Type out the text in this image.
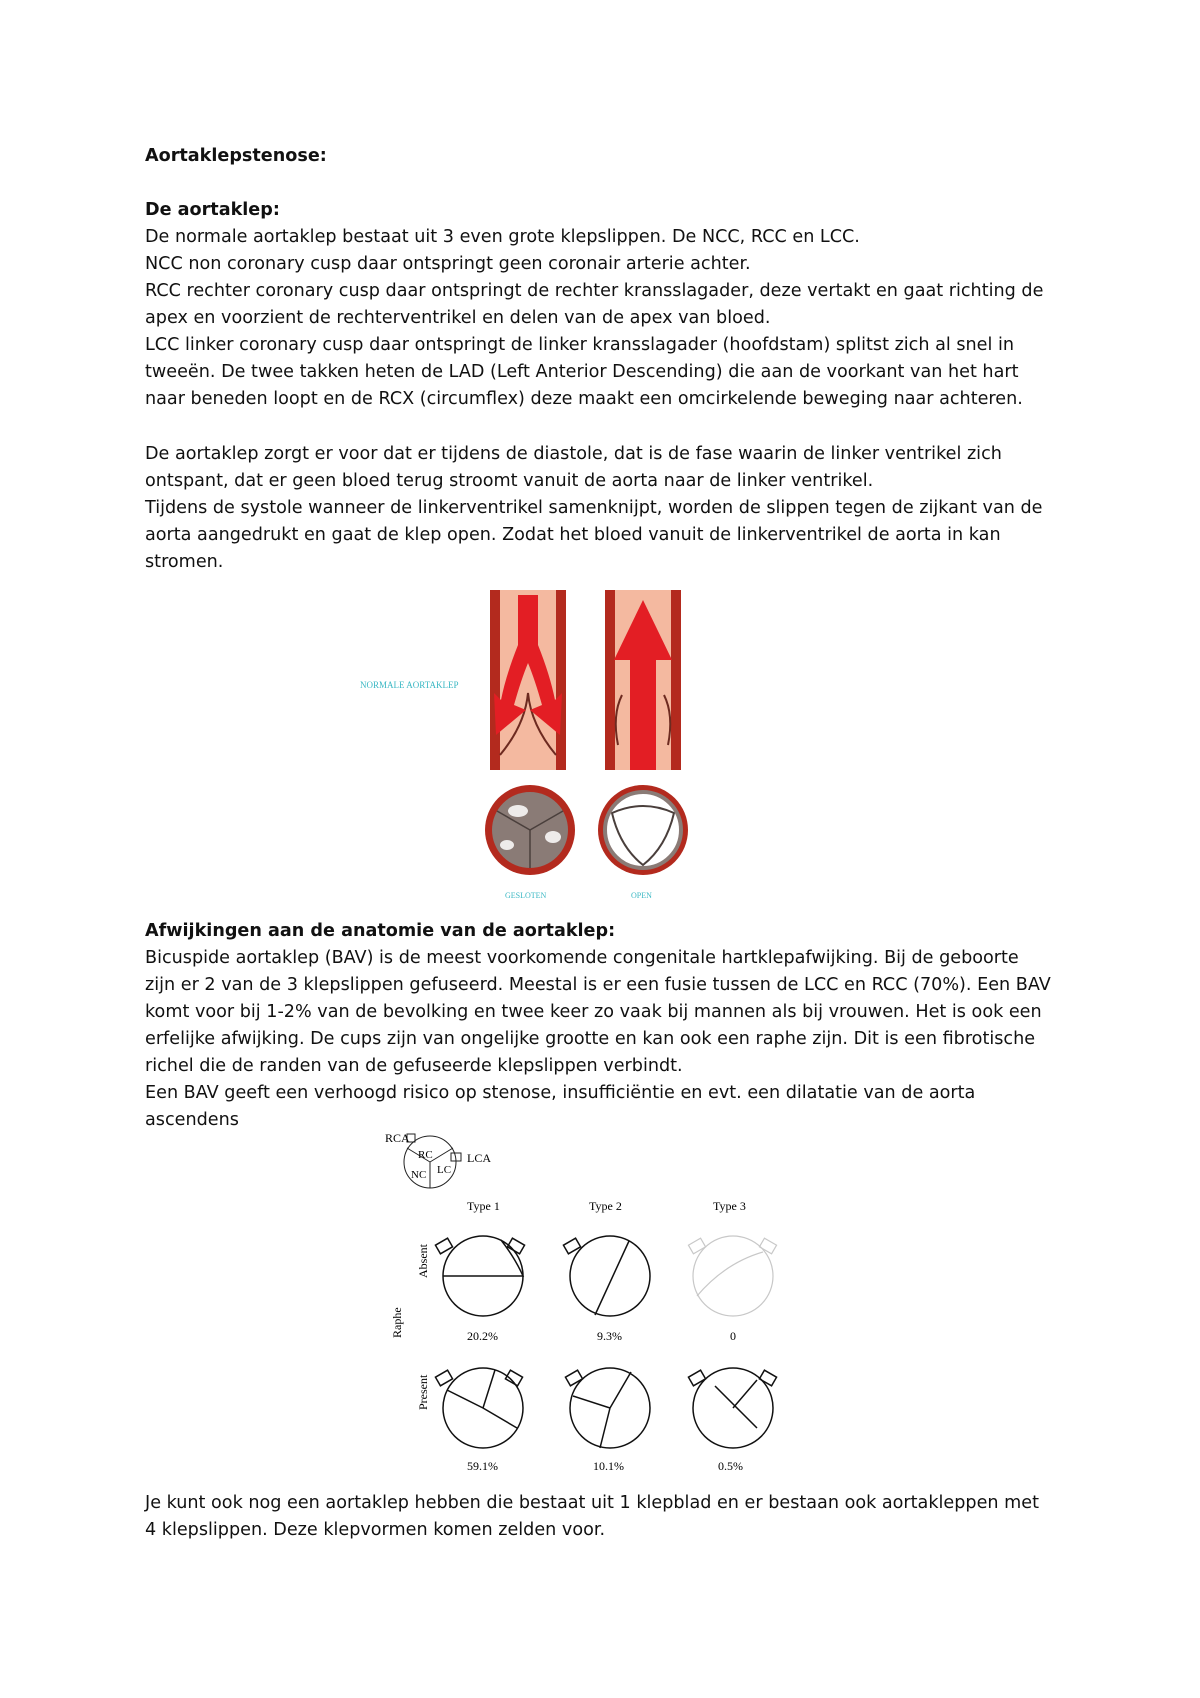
Aortaklepstenose:

De aortaklep:

De normale aortaklep bestaat uit 3 even grote klepslippen. De NCC, RCC en LCC.

NCC non coronary cusp daar ontspringt geen coronair arterie achter.

RCC rechter coronary cusp daar ontspringt de rechter kransslagader, deze vertakt en gaat richting de

apex en voorzient de rechterventrikel en delen van de apex van bloed.

LCC linker coronary cusp daar ontspringt de linker kransslagader (hoofdstam) splitst zich al snel in

tweeën. De twee takken heten de LAD (Left Anterior Descending) die aan de voorkant van het hart

naar beneden loopt en de RCX (circumflex) deze maakt een omcirkelende beweging naar achteren.

De aortaklep zorgt er voor dat er tijdens de diastole, dat is de fase waarin de linker ventrikel zich

ontspant, dat er geen bloed terug stroomt vanuit de aorta naar de linker ventrikel.

Tijdens de systole wanneer de linkerventrikel samenknijpt, worden de slippen tegen de zijkant van de

aorta aangedrukt en gaat de klep open. Zodat het bloed vanuit de linkerventrikel de aorta in kan

stromen.

NORMALE AORTAKLEP
GESLOTEN	OPEN

Afwijkingen aan de anatomie van de aortaklep:

Bicuspide aortaklep (BAV) is de meest voorkomende congenitale hartklepafwijking. Bij de geboorte

zijn er 2 van de 3 klepslippen gefuseerd. Meestal is er een fusie tussen de LCC en RCC (70%). Een BAV

komt voor bij 1-2% van de bevolking en twee keer zo vaak bij mannen als bij vrouwen. Het is ook een

erfelijke afwijking. De cups zijn van ongelijke grootte en kan ook een raphe zijn. Dit is een fibrotische

richel die de randen van de gefuseerde klepslippen verbindt.

Een BAV geeft een verhoogd risico op stenose, insufficiëntie en evt. een dilatatie van de aorta

ascendens

RCA
RC
LC
NC
LCA
Type 1	Type 2	Type 3
Raphe
Absent
Present
20.2%	9.3%	0
59.1%	10.1%	0.5%

Je kunt ook nog een aortaklep hebben die bestaat uit 1 klepblad en er bestaan ook aortakleppen met

4 klepslippen. Deze klepvormen komen zelden voor.
